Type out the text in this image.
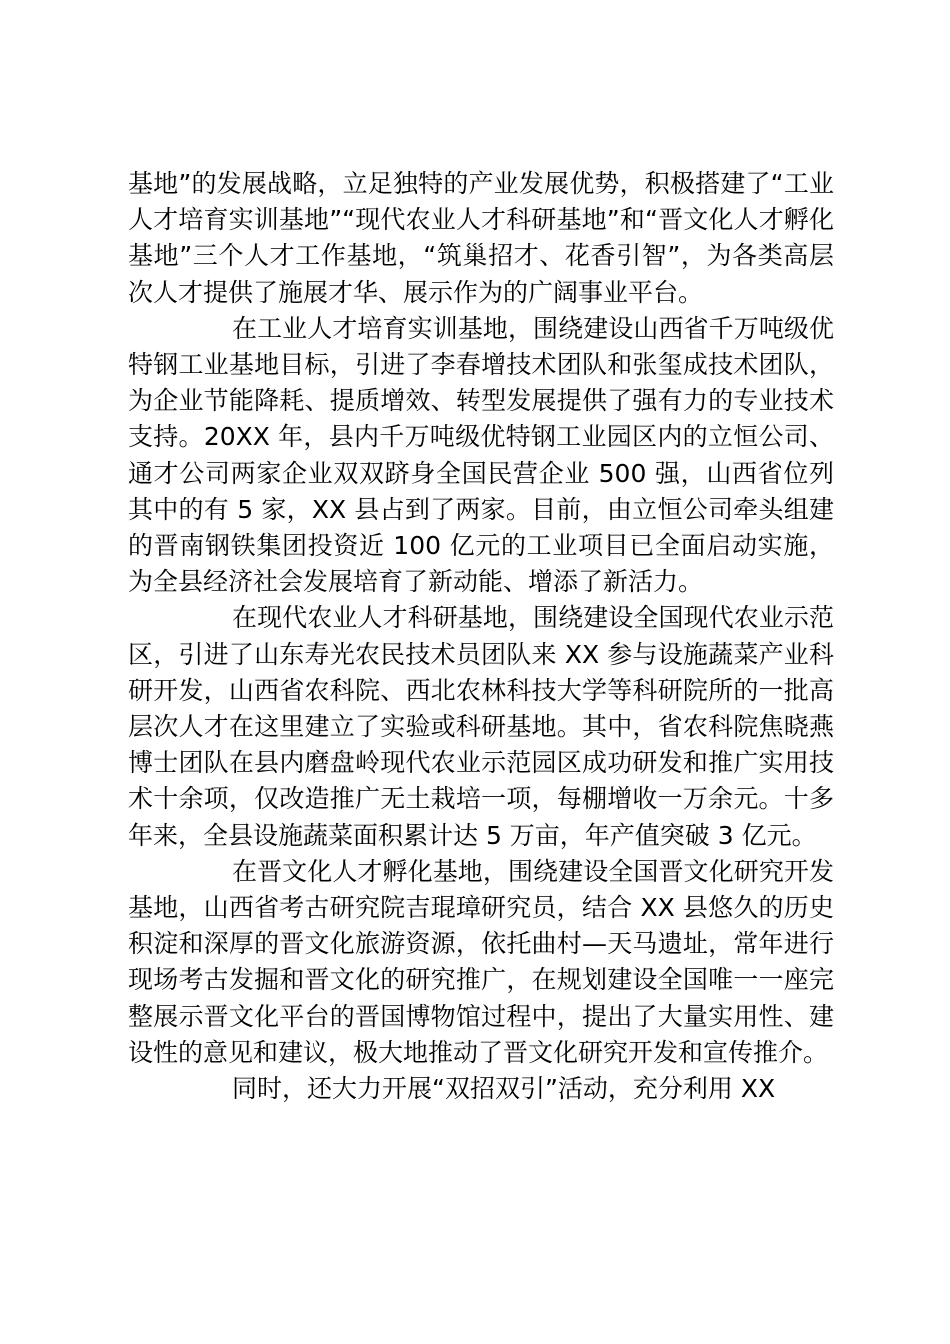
基地”的发展战略，立足独特的产业发展优势，积极搭建了“工业人才培育实训基地”“现代农业人才科研基地”和“晋文化人才孵化基地”三个人才工作基地，“筑巢招才、花香引智”，为各类高层次人才提供了施展才华、展示作为的广阔事业平台。

在工业人才培育实训基地，围绕建设山西省千万吨级优特钢工业基地目标，引进了李春增技术团队和张玺成技术团队，为企业节能降耗、提质增效、转型发展提供了强有力的专业技术支持。20XX 年，县内千万吨级优特钢工业园区内的立恒公司、通才公司两家企业双双跻身全国民营企业 500 强，山西省位列其中的有 5 家，XX 县占到了两家。目前，由立恒公司牵头组建的晋南钢铁集团投资近 100 亿元的工业项目已全面启动实施，为全县经济社会发展培育了新动能、增添了新活力。

在现代农业人才科研基地，围绕建设全国现代农业示范区，引进了山东寿光农民技术员团队来 XX 参与设施蔬菜产业科研开发，山西省农科院、西北农林科技大学等科研院所的一批高层次人才在这里建立了实验或科研基地。其中，省农科院焦晓燕博士团队在县内磨盘岭现代农业示范园区成功研发和推广实用技术十余项，仅改造推广无土栽培一项，每棚增收一万余元。十多年来，全县设施蔬菜面积累计达 5 万亩，年产值突破 3 亿元。

在晋文化人才孵化基地，围绕建设全国晋文化研究开发基地，山西省考古研究院吉琨璋研究员，结合 XX 县悠久的历史积淀和深厚的晋文化旅游资源，依托曲村—天马遗址，常年进行现场考古发掘和晋文化的研究推广，在规划建设全国唯一一座完整展示晋文化平台的晋国博物馆过程中，提出了大量实用性、建设性的意见和建议，极大地推动了晋文化研究开发和宣传推介。

同时，还大力开展“双招双引”活动，充分利用 XX
